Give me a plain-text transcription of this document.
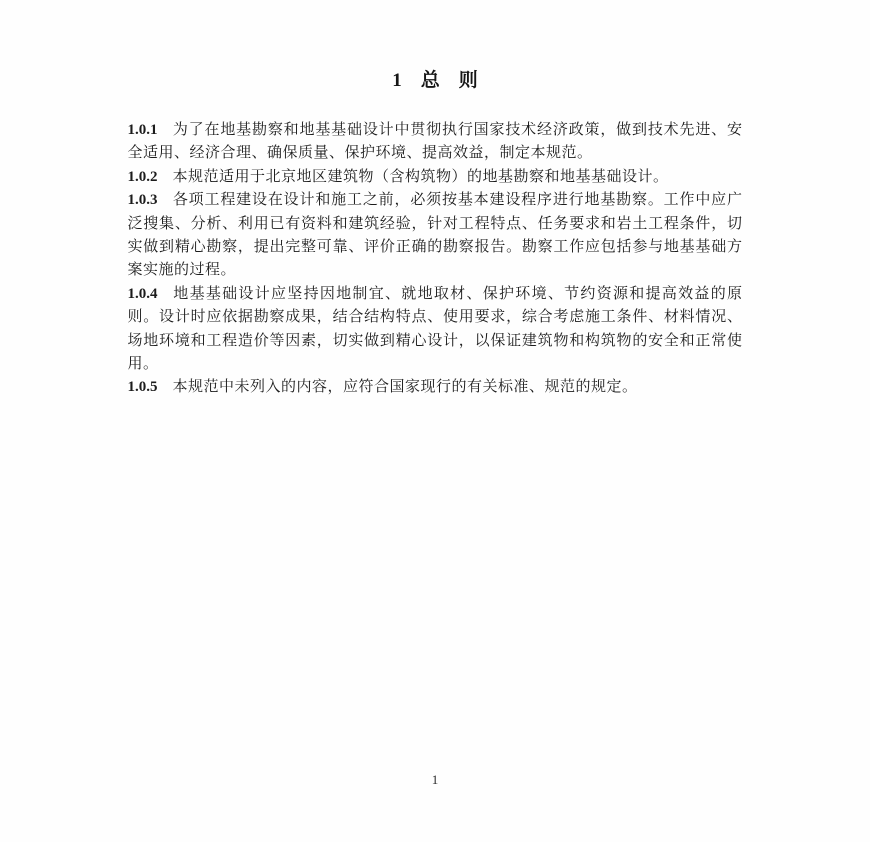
1　总　则

1.0.1 为了在地基勘察和地基基础设计中贯彻执行国家技术经济政策，做到技术先进、安全适用、经济合理、确保质量、保护环境、提高效益，制定本规范。

1.0.2 本规范适用于北京地区建筑物（含构筑物）的地基勘察和地基基础设计。

1.0.3 各项工程建设在设计和施工之前，必须按基本建设程序进行地基勘察。工作中应广泛搜集、分析、利用已有资料和建筑经验，针对工程特点、任务要求和岩土工程条件，切实做到精心勘察，提出完整可靠、评价正确的勘察报告。勘察工作应包括参与地基基础方案实施的过程。

1.0.4 地基基础设计应坚持因地制宜、就地取材、保护环境、节约资源和提高效益的原则。设计时应依据勘察成果，结合结构特点、使用要求，综合考虑施工条件、材料情况、场地环境和工程造价等因素，切实做到精心设计，以保证建筑物和构筑物的安全和正常使用。

1.0.5 本规范中未列入的内容，应符合国家现行的有关标准、规范的规定。

1
